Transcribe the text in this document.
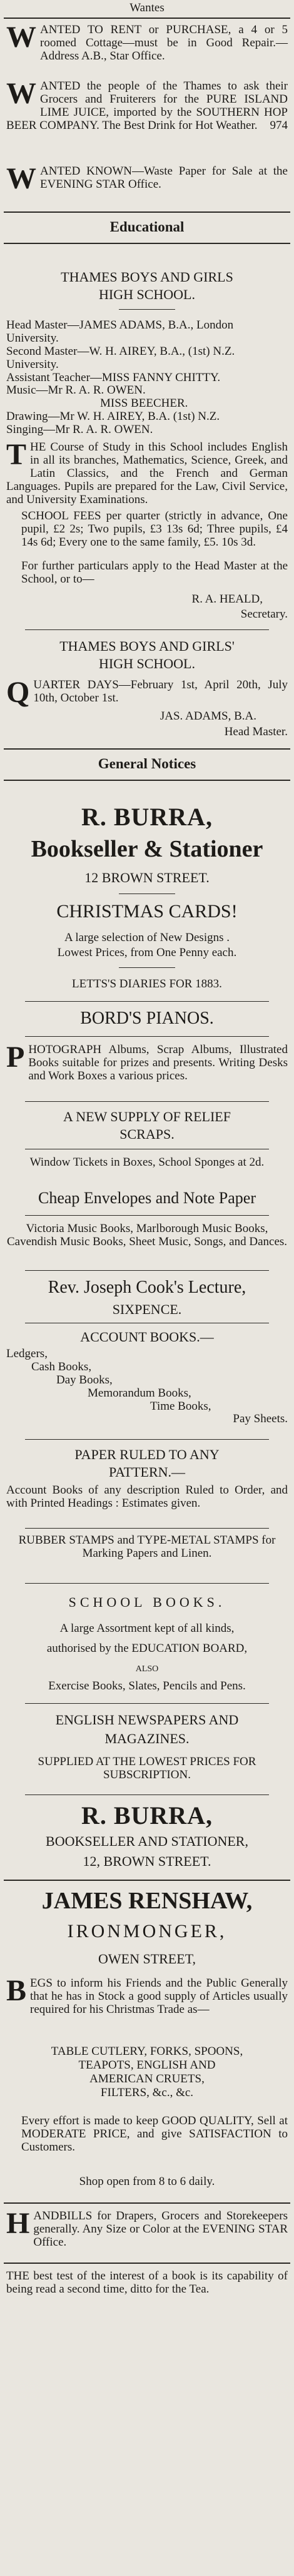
Wantes
WANTED TO RENT or PURCHASE, a 4 or 5 roomed Cottage—must be in Good Repair.—Address A.B., Star Office.
WANTED the people of the Thames to ask their Grocers and Fruiterers for the PURE ISLAND LIME JUICE, imported by the SOUTHERN HOP BEER COMPANY. The Best Drink for Hot Weather. 974
WANTED KNOWN—Waste Paper for Sale at the EVENING STAR Office.
Educational
THAMES BOYS AND GIRLS
HIGH SCHOOL.
Head Master—JAMES ADAMS, B.A., London University.
Second Master—W. H. AIREY, B.A., (1st) N.Z. University.
Assistant Teacher—MISS FANNY CHITTY.
Music—Mr R. A. R. OWEN.
MISS BEECHER.
Drawing—Mr W. H. AIREY, B.A. (1st) N.Z.
Singing—Mr R. A. R. OWEN.
THE Course of Study in this School includes English in all its branches, Mathematics, Science, Greek, and Latin Classics, and the French and German Languages. Pupils are prepared for the Law, Civil Service, and University Examinations.
SCHOOL FEES per quarter (strictly in advance, One pupil, £2 2s; Two pupils, £3 13s 6d; Three pupils, £4 14s 6d; Every one to the same family, £5. 10s 3d.
For further particulars apply to the Head Master at the School, or to—
R. A. HEALD,
Secretary.
THAMES BOYS AND GIRLS'
HIGH SCHOOL.
QUARTER DAYS—February 1st, April 20th, July 10th, October 1st.
JAS. ADAMS, B.A.
Head Master.
General Notices
R. BURRA,
Bookseller & Stationer
12 BROWN STREET.
CHRISTMAS CARDS!
A large selection of New Designs .
Lowest Prices, from One Penny each.
LETTS'S DIARIES FOR 1883.
BORD'S PIANOS.
PHOTOGRAPH Albums, Scrap Albums, Illustrated Books suitable for prizes and presents. Writing Desks and Work Boxes a various prices.
A NEW SUPPLY OF RELIEF
SCRAPS.
Window Tickets in Boxes, School Sponges at 2d.
Cheap Envelopes and Note Paper
Victoria Music Books, Marlborough Music Books, Cavendish Music Books, Sheet Music, Songs, and Dances.
Rev. Joseph Cook's Lecture,
SIXPENCE.
ACCOUNT BOOKS.—
Ledgers,
Cash Books,
Day Books,
Memorandum Books,
Time Books,
Pay Sheets.
PAPER RULED TO ANY
PATTERN.—
Account Books of any description Ruled to Order, and with Printed Headings : Estimates given.
RUBBER STAMPS and TYPE-METAL STAMPS for Marking Papers and Linen.
SCHOOL BOOKS.
A large Assortment kept of all kinds,
authorised by the EDUCATION BOARD,
ALSO
Exercise Books, Slates, Pencils and Pens.
ENGLISH NEWSPAPERS AND
MAGAZINES.
SUPPLIED AT THE LOWEST PRICES FOR SUBSCRIPTION.
R. BURRA,
BOOKSELLER AND STATIONER,
12, BROWN STREET.
JAMES RENSHAW,
IRONMONGER,
OWEN STREET,
BEGS to inform his Friends and the Public Generally that he has in Stock a good supply of Articles usually required for his Christmas Trade as—
TABLE CUTLERY, FORKS, SPOONS,
TEAPOTS, ENGLISH AND
AMERICAN CRUETS,
FILTERS, &c., &c.
Every effort is made to keep GOOD QUALITY, Sell at MODERATE PRICE, and give SATISFACTION to Customers.
Shop open from 8 to 6 daily.
HANDBILLS for Drapers, Grocers and Storekeepers generally. Any Size or Color at the EVENING STAR Office.
THE best test of the interest of a book is its capability of being read a second time, ditto for the Tea.
